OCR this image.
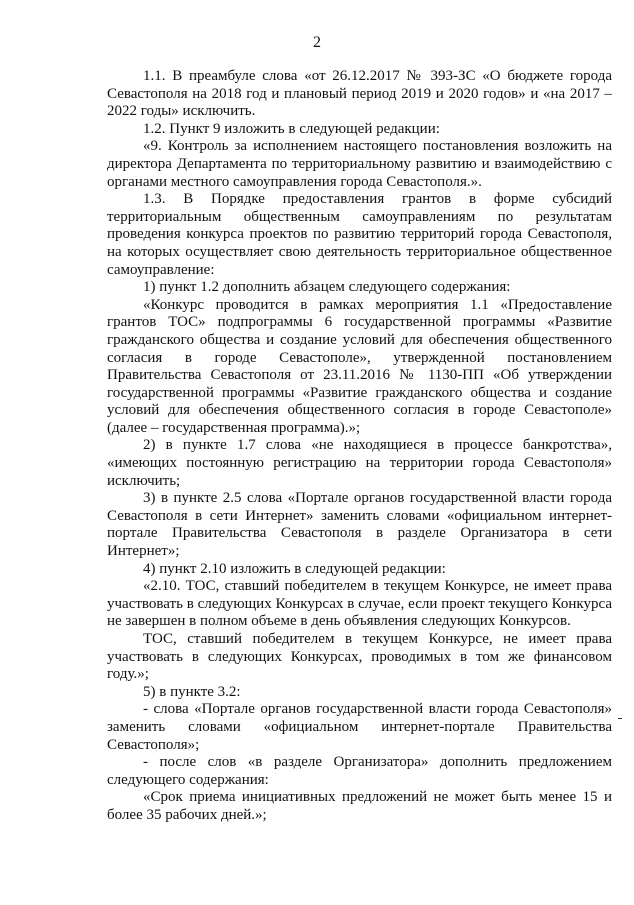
2

1.1. В преамбуле слова «от 26.12.2017 № 393-ЗС «О бюджете города Севастополя на 2018 год и плановый период 2019 и 2020 годов» и «на 2017 – 2022 годы» исключить.

1.2. Пункт 9 изложить в следующей редакции:

«9. Контроль за исполнением настоящего постановления возложить на директора Департамента по территориальному развитию и взаимодействию с органами местного самоуправления города Севастополя.».

1.3. В Порядке предоставления грантов в форме субсидий территориальным общественным самоуправлениям по результатам проведения конкурса проектов по развитию территорий города Севастополя, на которых осуществляет свою деятельность территориальное общественное самоуправление:

1) пункт 1.2 дополнить абзацем следующего содержания:

«Конкурс проводится в рамках мероприятия 1.1 «Предоставление грантов ТОС» подпрограммы 6 государственной программы «Развитие гражданского общества и создание условий для обеспечения общественного согласия в городе Севастополе», утвержденной постановлением Правительства Севастополя от 23.11.2016 № 1130-ПП «Об утверждении государственной программы «Развитие гражданского общества и создание условий для обеспечения общественного согласия в городе Севастополе» (далее – государственная программа).»;

2) в пункте 1.7 слова «не находящиеся в процессе банкротства», «имеющих постоянную регистрацию на территории города Севастополя» исключить;

3) в пункте 2.5 слова «Портале органов государственной власти города Севастополя в сети Интернет» заменить словами «официальном интернет-портале Правительства Севастополя в разделе Организатора в сети Интернет»;

4) пункт 2.10 изложить в следующей редакции:

«2.10. ТОС, ставший победителем в текущем Конкурсе, не имеет права участвовать в следующих Конкурсах в случае, если проект текущего Конкурса не завершен в полном объеме в день объявления следующих Конкурсов.

ТОС, ставший победителем в текущем Конкурсе, не имеет права участвовать в следующих Конкурсах, проводимых в том же финансовом году.»;

5) в пункте 3.2:

- слова «Портале органов государственной власти города Севастополя» заменить словами «официальном интернет-портале Правительства Севастополя»;

- после слов «в разделе Организатора» дополнить предложением следующего содержания:

«Срок приема инициативных предложений не может быть менее 15 и более 35 рабочих дней.»;
